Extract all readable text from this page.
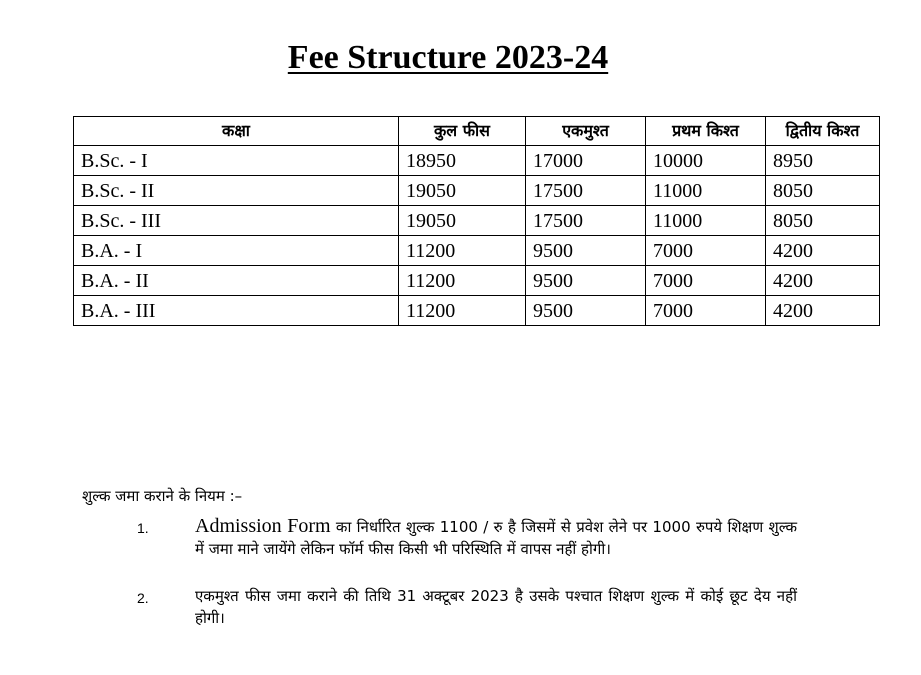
Fee Structure 2023-24
कक्षा	कुल फीस	एकमुश्त	प्रथम किश्त	द्वितीय किश्त
B.Sc. - I	18950	17000	10000	8950
B.Sc. - II	19050	17500	11000	8050
B.Sc. - III	19050	17500	11000	8050
B.A. - I	11200	9500	7000	4200
B.A. - II	11200	9500	7000	4200
B.A. - III	11200	9500	7000	4200
शुल्क जमा कराने के नियम :–
1. Admission Form का निर्धारित शुल्क 1100 / रु है जिसमें से प्रवेश लेने पर 1000 रुपये शिक्षण शुल्क में जमा माने जायेंगे लेकिन फॉर्म फीस किसी भी परिस्थिति में वापस नहीं होगी।
2.	एकमुश्त फीस जमा कराने की तिथि 31 अक्टूबर 2023 है उसके पश्चात शिक्षण शुल्क में कोई छूट देय नहीं होगी।
